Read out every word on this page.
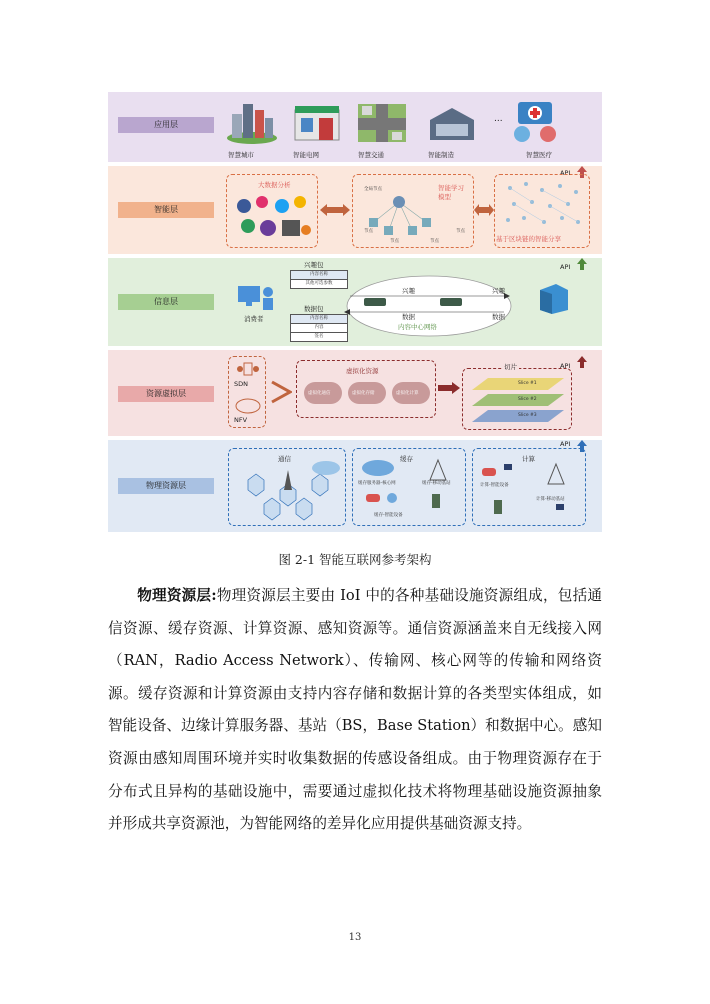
应用层
智慧城市	智能电网	智慧交通	智能制造
...
智慧医疗
智能层
API
大数据分析
全局节点	智能学习模型
节点
节点	节点
节点
基于区块链的智能分享
信息层
API
消费者
兴趣包
内容名称
其他可选参数
数据包
内容名称
内容
签名
兴趣	兴趣
数据	数据
内容中心网络
资源虚拟层
API
SDN
NFV
虚拟化资源
虚拟化通信	虚拟化存储	虚拟化计算
切片
Slice #1
Slice #2
Slice #3
物理资源层
API
通信	缓存
缓存服务器-核心网	缓存-移动基站
缓存-智能设备
计算
计算-智能设备
计算-移动基站
图 2-1 智能互联网参考架构
物理资源层:物理资源层主要由 IoI 中的各种基础设施资源组成，包括通信资源、缓存资源、计算资源、感知资源等。通信资源涵盖来自无线接入网（RAN，Radio Access Network）、传输网、核心网等的传输和网络资源。缓存资源和计算资源由支持内容存储和数据计算的各类型实体组成，如智能设备、边缘计算服务器、基站（BS，Base Station）和数据中心。感知资源由感知周围环境并实时收集数据的传感设备组成。由于物理资源存在于分布式且异构的基础设施中，需要通过虚拟化技术将物理基础设施资源抽象并形成共享资源池，为智能网络的差异化应用提供基础资源支持。
13
